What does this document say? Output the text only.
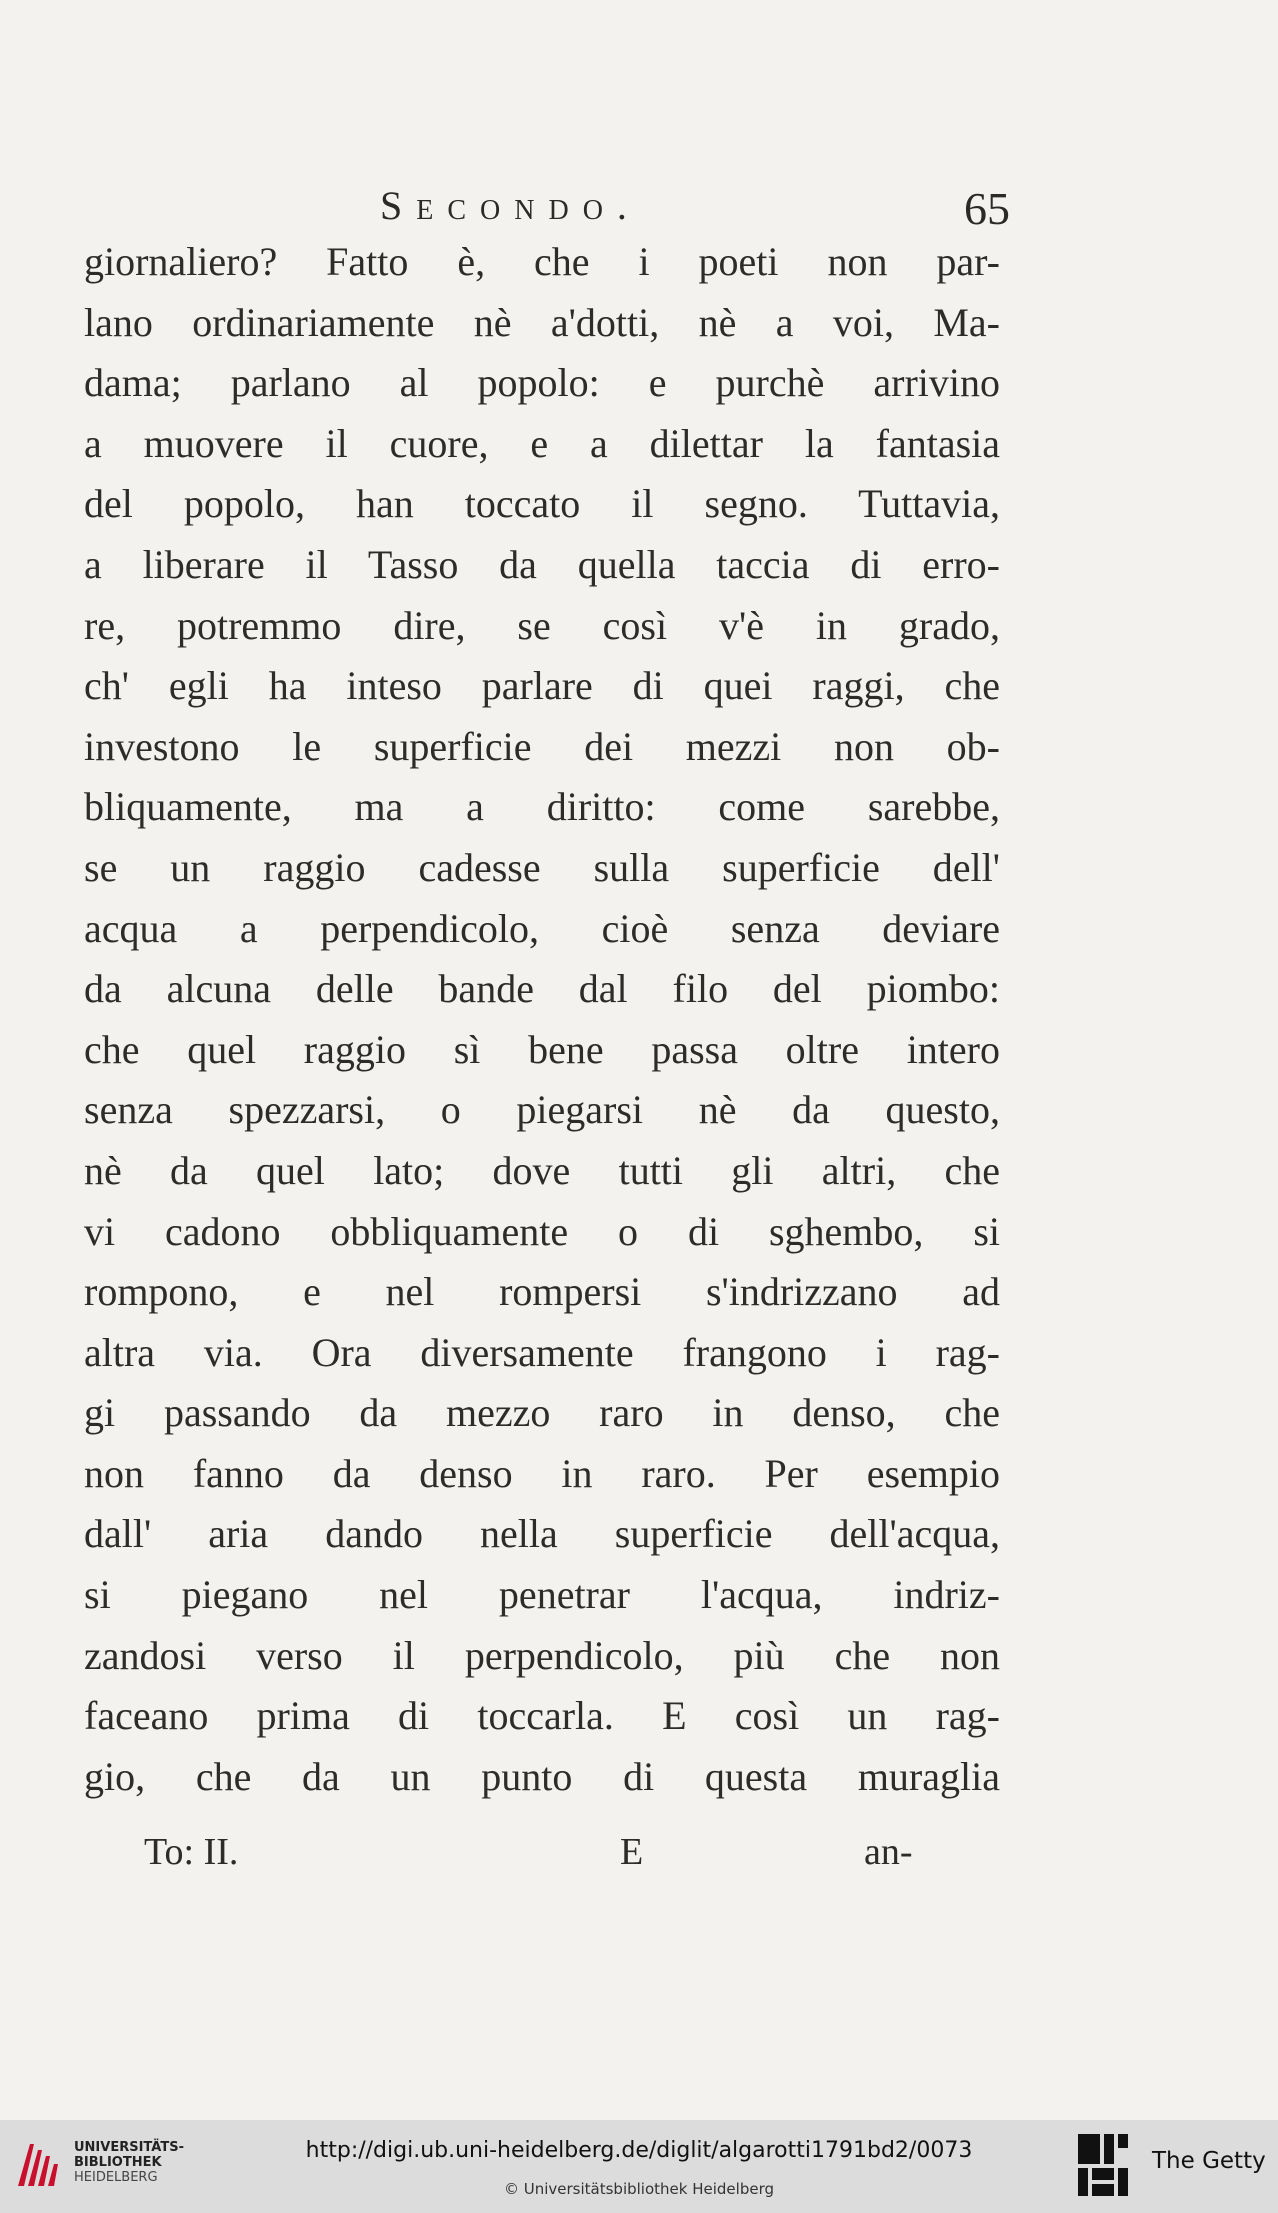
Secondo.	65
giornaliero? Fatto è, che i poeti non par-
lano ordinariamente nè a'dotti, nè a voi, Ma-
dama; parlano al popolo: e purchè arrivino
a muovere il cuore, e a dilettar la fantasia
del popolo, han toccato il segno. Tuttavia,
a liberare il Tasso da quella taccia di erro-
re, potremmo dire, se così v'è in grado,
ch' egli ha inteso parlare di quei raggi, che
investono le superficie dei mezzi non ob-
bliquamente, ma a diritto: come sarebbe,
se un raggio cadesse sulla superficie dell'
acqua a perpendicolo, cioè senza deviare
da alcuna delle bande dal filo del piombo:
che quel raggio sì bene passa oltre intero
senza spezzarsi, o piegarsi nè da questo,
nè da quel lato; dove tutti gli altri, che
vi cadono obbliquamente o di sghembo, si
rompono, e nel rompersi s'indrizzano ad
altra via. Ora diversamente frangono i rag-
gi passando da mezzo raro in denso, che
non fanno da denso in raro. Per esempio
dall' aria dando nella superficie dell'acqua,
si piegano nel penetrar l'acqua, indriz-
zandosi verso il perpendicolo, più che non
faceano prima di toccarla. E così un rag-
gio, che da un punto di questa muraglia
To: II.	E	an-
UNIVERSITÄTS-
BIBLIOTHEK
HEIDELBERG
http://digi.ub.uni-heidelberg.de/diglit/algarotti1791bd2/0073
© Universitätsbibliothek Heidelberg
The Getty
